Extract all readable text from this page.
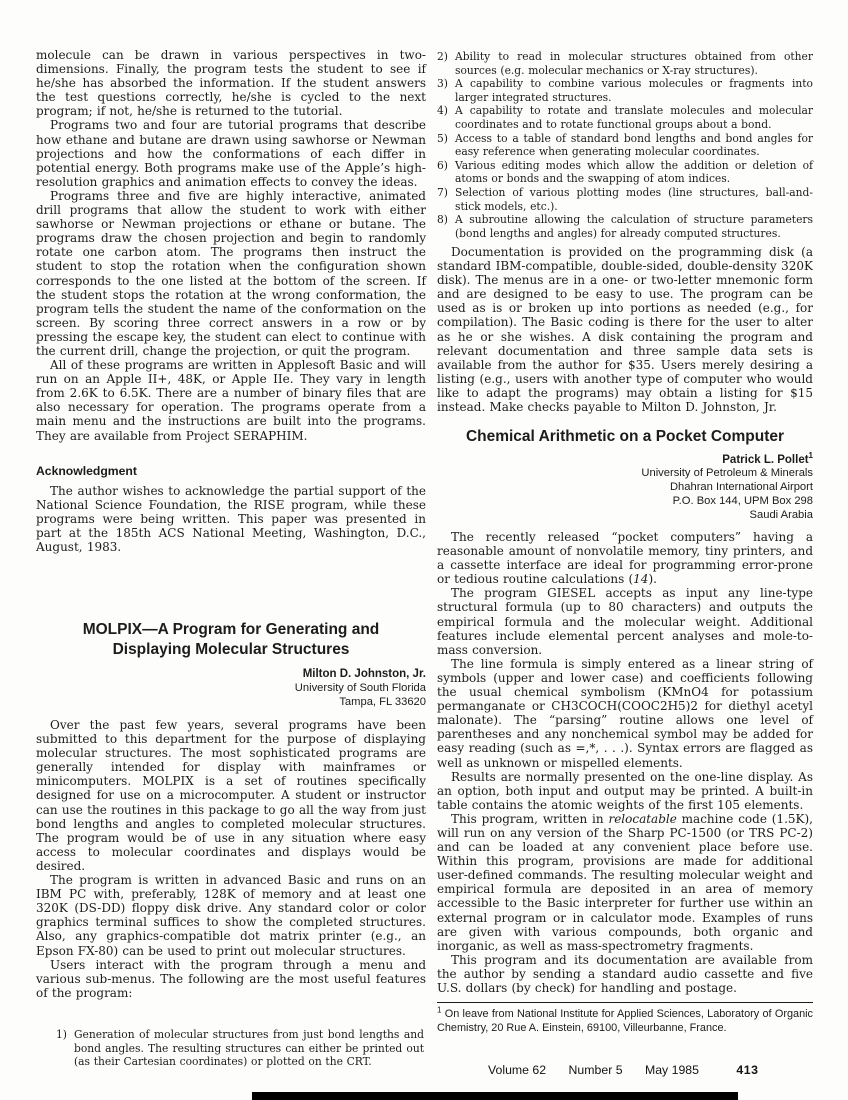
molecule can be drawn in various perspectives in two-dimensions. Finally, the program tests the student to see if he/she has absorbed the information. If the student answers the test questions correctly, he/she is cycled to the next program; if not, he/she is returned to the tutorial.

Programs two and four are tutorial programs that describe how ethane and butane are drawn using sawhorse or Newman projections and how the conformations of each differ in potential energy. Both programs make use of the Apple’s high-resolution graphics and animation effects to convey the ideas.

Programs three and five are highly interactive, animated drill programs that allow the student to work with either sawhorse or Newman projections or ethane or butane. The programs draw the chosen projection and begin to randomly rotate one carbon atom. The programs then instruct the student to stop the rotation when the configuration shown corresponds to the one listed at the bottom of the screen. If the student stops the rotation at the wrong conformation, the program tells the student the name of the conformation on the screen. By scoring three correct answers in a row or by pressing the escape key, the student can elect to continue with the current drill, change the projection, or quit the program.

All of these programs are written in Applesoft Basic and will run on an Apple II+, 48K, or Apple IIe. They vary in length from 2.6K to 6.5K. There are a number of binary files that are also necessary for operation. The programs operate from a main menu and the instructions are built into the programs. They are available from Project SERAPHIM.

Acknowledgment

The author wishes to acknowledge the partial support of the National Science Foundation, the RISE program, while these programs were being written. This paper was presented in part at the 185th ACS National Meeting, Washington, D.C., August, 1983.

MOLPIX—A Program for Generating and
Displaying Molecular Structures
Milton D. Johnston, Jr.
University of South Florida
Tampa, FL 33620

Over the past few years, several programs have been submitted to this department for the purpose of displaying molecular structures. The most sophisticated programs are generally intended for display with mainframes or minicomputers. MOLPIX is a set of routines specifically designed for use on a microcomputer. A student or instructor can use the routines in this package to go all the way from just bond lengths and angles to completed molecular structures. The program would be of use in any situation where easy access to molecular coordinates and displays would be desired.

The program is written in advanced Basic and runs on an IBM PC with, preferably, 128K of memory and at least one 320K (DS-DD) floppy disk drive. Any standard color or color graphics terminal suffices to show the completed structures. Also, any graphics-compatible dot matrix printer (e.g., an Epson FX-80) can be used to print out molecular structures.

Users interact with the program through a menu and various sub-menus. The following are the most useful features of the program:

1) Generation of molecular structures from just bond lengths and bond angles. The resulting structures can either be printed out (as their Cartesian coordinates) or plotted on the CRT.
2) Ability to read in molecular structures obtained from other sources (e.g. molecular mechanics or X-ray structures).
3) A capability to combine various molecules or fragments into larger integrated structures.
4) A capability to rotate and translate molecules and molecular coordinates and to rotate functional groups about a bond.
5) Access to a table of standard bond lengths and bond angles for easy reference when generating molecular coordinates.
6) Various editing modes which allow the addition or deletion of atoms or bonds and the swapping of atom indices.
7) Selection of various plotting modes (line structures, ball-and-stick models, etc.).
8) A subroutine allowing the calculation of structure parameters (bond lengths and angles) for already computed structures.

Documentation is provided on the programming disk (a standard IBM-compatible, double-sided, double-density 320K disk). The menus are in a one- or two-letter mnemonic form and are designed to be easy to use. The program can be used as is or broken up into portions as needed (e.g., for compilation). The Basic coding is there for the user to alter as he or she wishes. A disk containing the program and relevant documentation and three sample data sets is available from the author for $35. Users merely desiring a listing (e.g., users with another type of computer who would like to adapt the programs) may obtain a listing for $15 instead. Make checks payable to Milton D. Johnston, Jr.

Chemical Arithmetic on a Pocket Computer
Patrick L. Pollet$^1$
University of Petroleum & Minerals
Dhahran International Airport
P.O. Box 144, UPM Box 298
Saudi Arabia

The recently released “pocket computers” having a reasonable amount of nonvolatile memory, tiny printers, and a cassette interface are ideal for programming error-prone or tedious routine calculations (14).

The program GIESEL accepts as input any line-type structural formula (up to 80 characters) and outputs the empirical formula and the molecular weight. Additional features include elemental percent analyses and mole-to-mass conversion.

The line formula is simply entered as a linear string of symbols (upper and lower case) and coefficients following the usual chemical symbolism (KMnO4 for potassium permanganate or CH3COCH(COOC2H5)2 for diethyl acetyl malonate). The “parsing” routine allows one level of parentheses and any nonchemical symbol may be added for easy reading (such as =,*, . . .). Syntax errors are flagged as well as unknown or mispelled elements.

Results are normally presented on the one-line display. As an option, both input and output may be printed. A built-in table contains the atomic weights of the first 105 elements.

This program, written in relocatable machine code (1.5K), will run on any version of the Sharp PC-1500 (or TRS PC-2) and can be loaded at any convenient place before use. Within this program, provisions are made for additional user-defined commands. The resulting molecular weight and empirical formula are deposited in an area of memory accessible to the Basic interpreter for further use within an external program or in calculator mode. Examples of runs are given with various compounds, both organic and inorganic, as well as mass-spectrometry fragments.

This program and its documentation are available from the author by sending a standard audio cassette and five U.S. dollars (by check) for handling and postage.

$^1$ On leave from National Institute for Applied Sciences, Laboratory of Organic Chemistry, 20 Rue A. Einstein, 69100, Villeurbanne, France.
Volume 62 Number 5 May 1985	413
